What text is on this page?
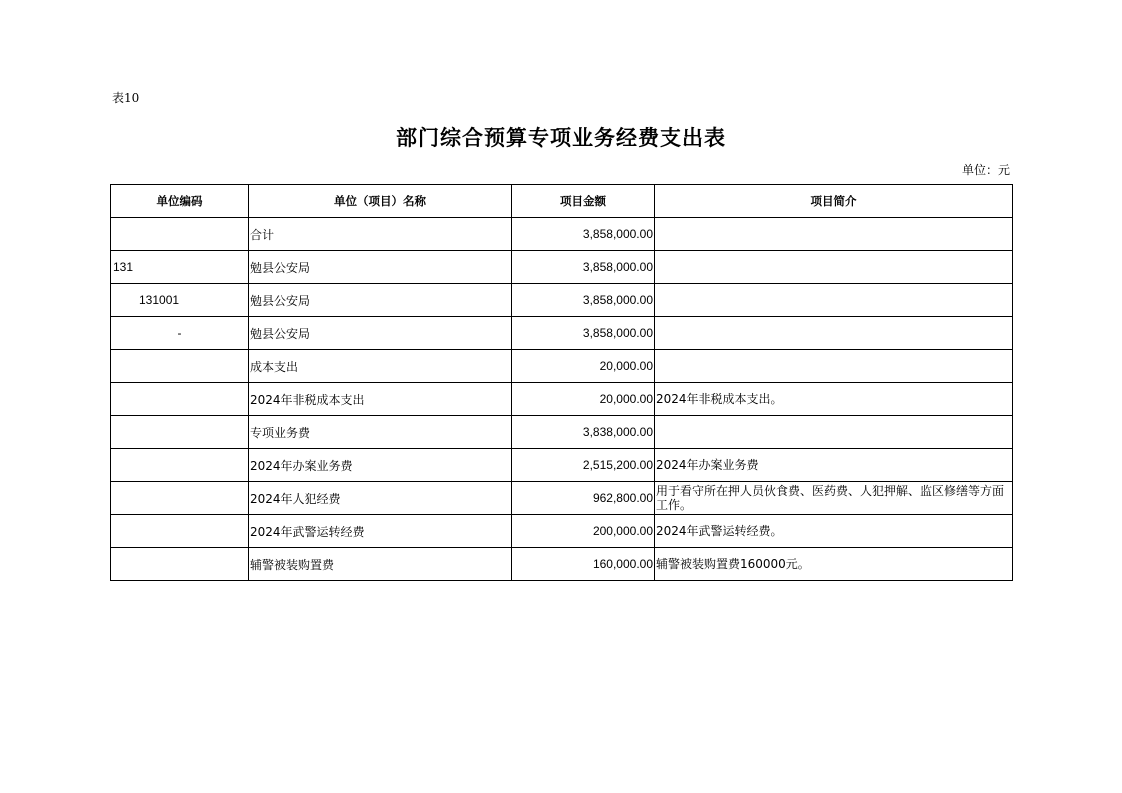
表10
部门综合预算专项业务经费支出表
单位：元
单位编码	单位（项目）名称	项目金额	项目简介
	合计	3,858,000.00	
131	勉县公安局	3,858,000.00	
131001	勉县公安局	3,858,000.00	
-	勉县公安局	3,858,000.00	
	成本支出	20,000.00	
	2024年非税成本支出	20,000.00	2024年非税成本支出。
	专项业务费	3,838,000.00	
	2024年办案业务费	2,515,200.00	2024年办案业务费
	2024年人犯经费	962,800.00	用于看守所在押人员伙食费、医药费、人犯押解、监区修缮等方面工作。
	2024年武警运转经费	200,000.00	2024年武警运转经费。
	辅警被装购置费	160,000.00	辅警被装购置费160000元。
